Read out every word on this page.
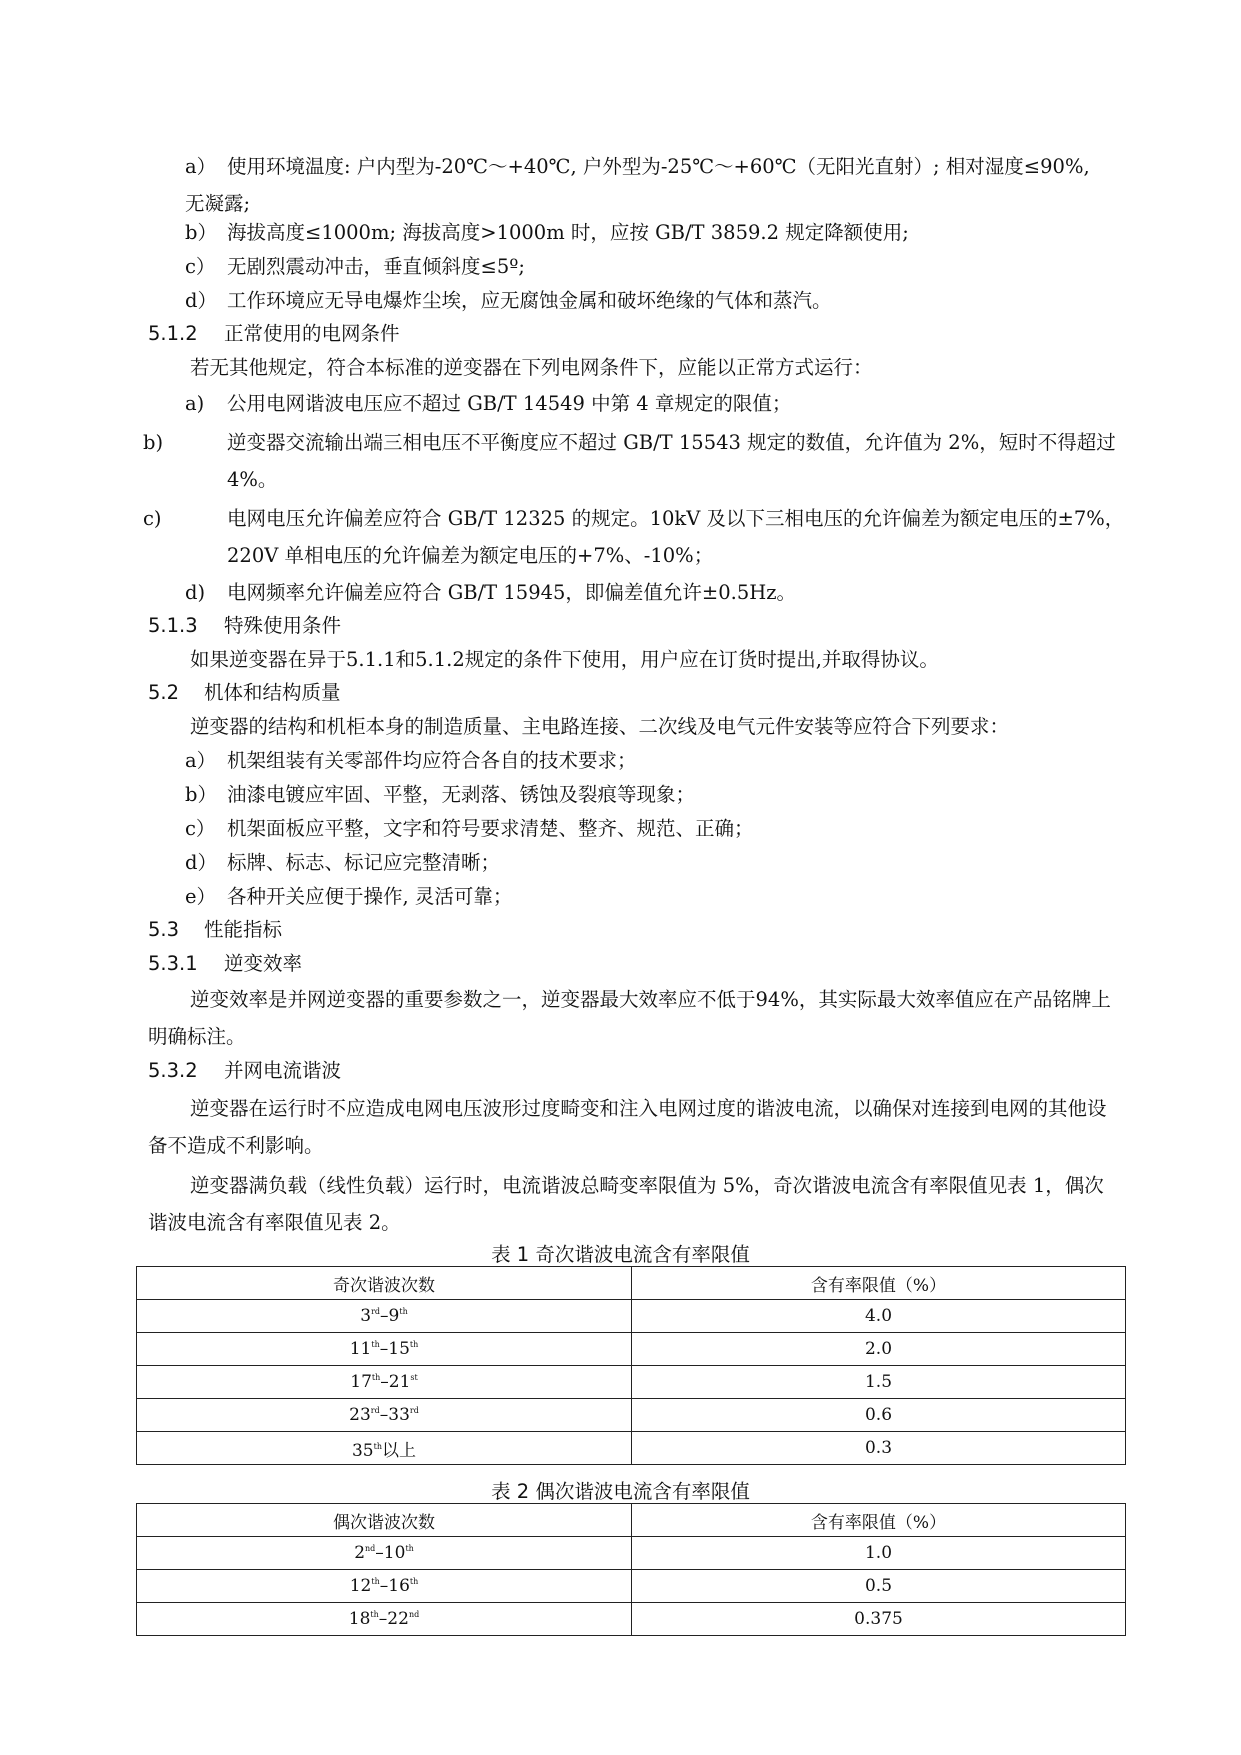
a） 使用环境温度: 户内型为-20℃～+40℃, 户外型为-25℃～+60℃（无阳光直射）; 相对湿度≤90%, 无凝露;
b） 海拔高度≤1000m; 海拔高度>1000m 时，应按 GB/T 3859.2 规定降额使用;
c） 无剧烈震动冲击，垂直倾斜度≤5º;
d） 工作环境应无导电爆炸尘埃，应无腐蚀金属和破坏绝缘的气体和蒸汽。
5.1.2 正常使用的电网条件
若无其他规定，符合本标准的逆变器在下列电网条件下，应能以正常方式运行：
a) 公用电网谐波电压应不超过 GB/T 14549 中第 4 章规定的限值；
b)	逆变器交流输出端三相电压不平衡度应不超过 GB/T 15543 规定的数值，允许值为 2%，短时不得超过 4%。
c)	电网电压允许偏差应符合 GB/T 12325 的规定。10kV 及以下三相电压的允许偏差为额定电压的±7%，220V 单相电压的允许偏差为额定电压的+7%、-10%；
d) 电网频率允许偏差应符合 GB/T 15945，即偏差值允许±0.5Hz。
5.1.3 特殊使用条件
如果逆变器在异于5.1.1和5.1.2规定的条件下使用，用户应在订货时提出,并取得协议。
5.2 机体和结构质量
逆变器的结构和机柜本身的制造质量、主电路连接、二次线及电气元件安装等应符合下列要求：
a） 机架组装有关零部件均应符合各自的技术要求；
b） 油漆电镀应牢固、平整，无剥落、锈蚀及裂痕等现象；
c） 机架面板应平整，文字和符号要求清楚、整齐、规范、正确；
d） 标牌、标志、标记应完整清晰；
e） 各种开关应便于操作, 灵活可靠；
5.3 性能指标
5.3.1 逆变效率
逆变效率是并网逆变器的重要参数之一，逆变器最大效率应不低于94%，其实际最大效率值应在产品铭牌上明确标注。
5.3.2 并网电流谐波
逆变器在运行时不应造成电网电压波形过度畸变和注入电网过度的谐波电流，以确保对连接到电网的其他设备不造成不利影响。
逆变器满负载（线性负载）运行时，电流谐波总畸变率限值为 5%，奇次谐波电流含有率限值见表 1，偶次谐波电流含有率限值见表 2。
表 1 奇次谐波电流含有率限值
奇次谐波次数	含有率限值（%）
3rd–9th	4.0
11th–15th	2.0
17th–21st	1.5
23rd–33rd	0.6
35th以上	0.3
表 2 偶次谐波电流含有率限值
偶次谐波次数	含有率限值（%）
2nd–10th	1.0
12th–16th	0.5
18th–22nd	0.375
